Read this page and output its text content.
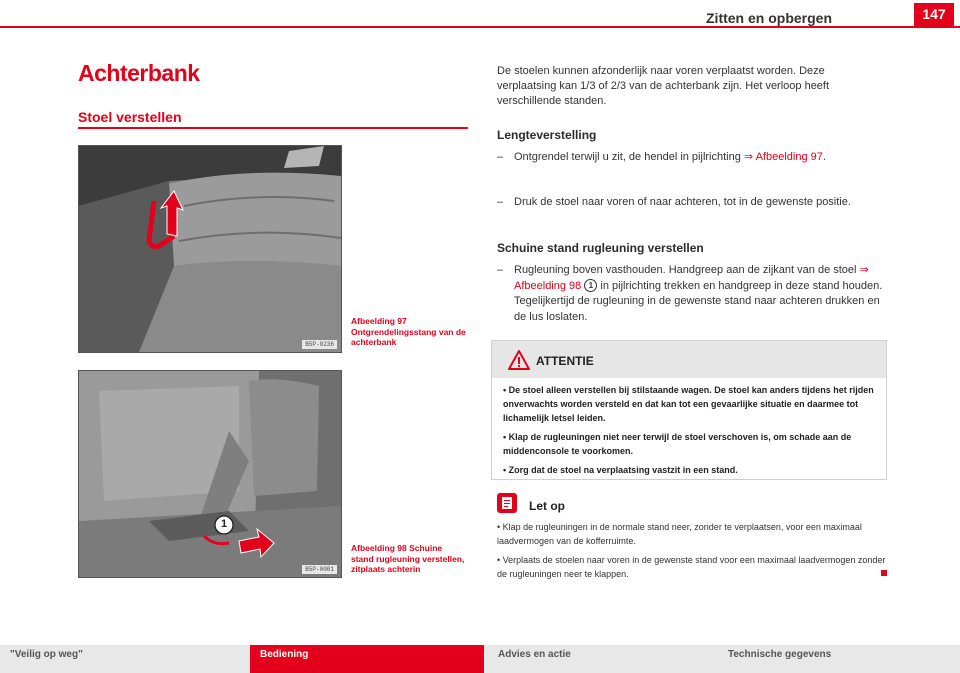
Zitten en opbergen	147
Achterbank
Stoel verstellen
B5P-0236
Afbeelding 97 Ontgrendelingsstang van de achterbank
1
B5P-0001
Afbeelding 98 Schuine stand rugleuning verstellen, zitplaats achterin

De stoelen kunnen afzonderlijk naar voren verplaatst worden. Deze verplaatsing kan 1/3 of 2/3 van de achterbank zijn. Het verloop heeft verschillende standen.

Lengteverstelling
– Ontgrendel terwijl u zit, de hendel in pijlrichting ⇒ Afbeelding 97.
– Druk de stoel naar voren of naar achteren, tot in de gewenste positie.
Schuine stand rugleuning verstellen
– Rugleuning boven vasthouden. Handgreep aan de zijkant van de stoel ⇒ Afbeelding 98 1 in pijlrichting trekken en handgreep in deze stand houden. Tegelijkertijd de rugleuning in de gewenste stand naar achteren drukken en de lus loslaten.
ATTENTIE
• De stoel alleen verstellen bij stilstaande wagen. De stoel kan anders tijdens het rijden onverwachts worden versteld en dat kan tot een gevaarlijke situatie en daarmee tot lichamelijk letsel leiden.
• Klap de rugleuningen niet neer terwijl de stoel verschoven is, om schade aan de middenconsole te voorkomen.
• Zorg dat de stoel na verplaatsing vastzit in een stand.
Let op
• Klap de rugleuningen in de normale stand neer, zonder te verplaatsen, voor een maximaal laadvermogen van de kofferruimte.
• Verplaats de stoelen naar voren in de gewenste stand voor een maximaal laadvermogen zonder de rugleuningen neer te klappen.
"Veilig op weg"	Bediening	Advies en actie	Technische gegevens
